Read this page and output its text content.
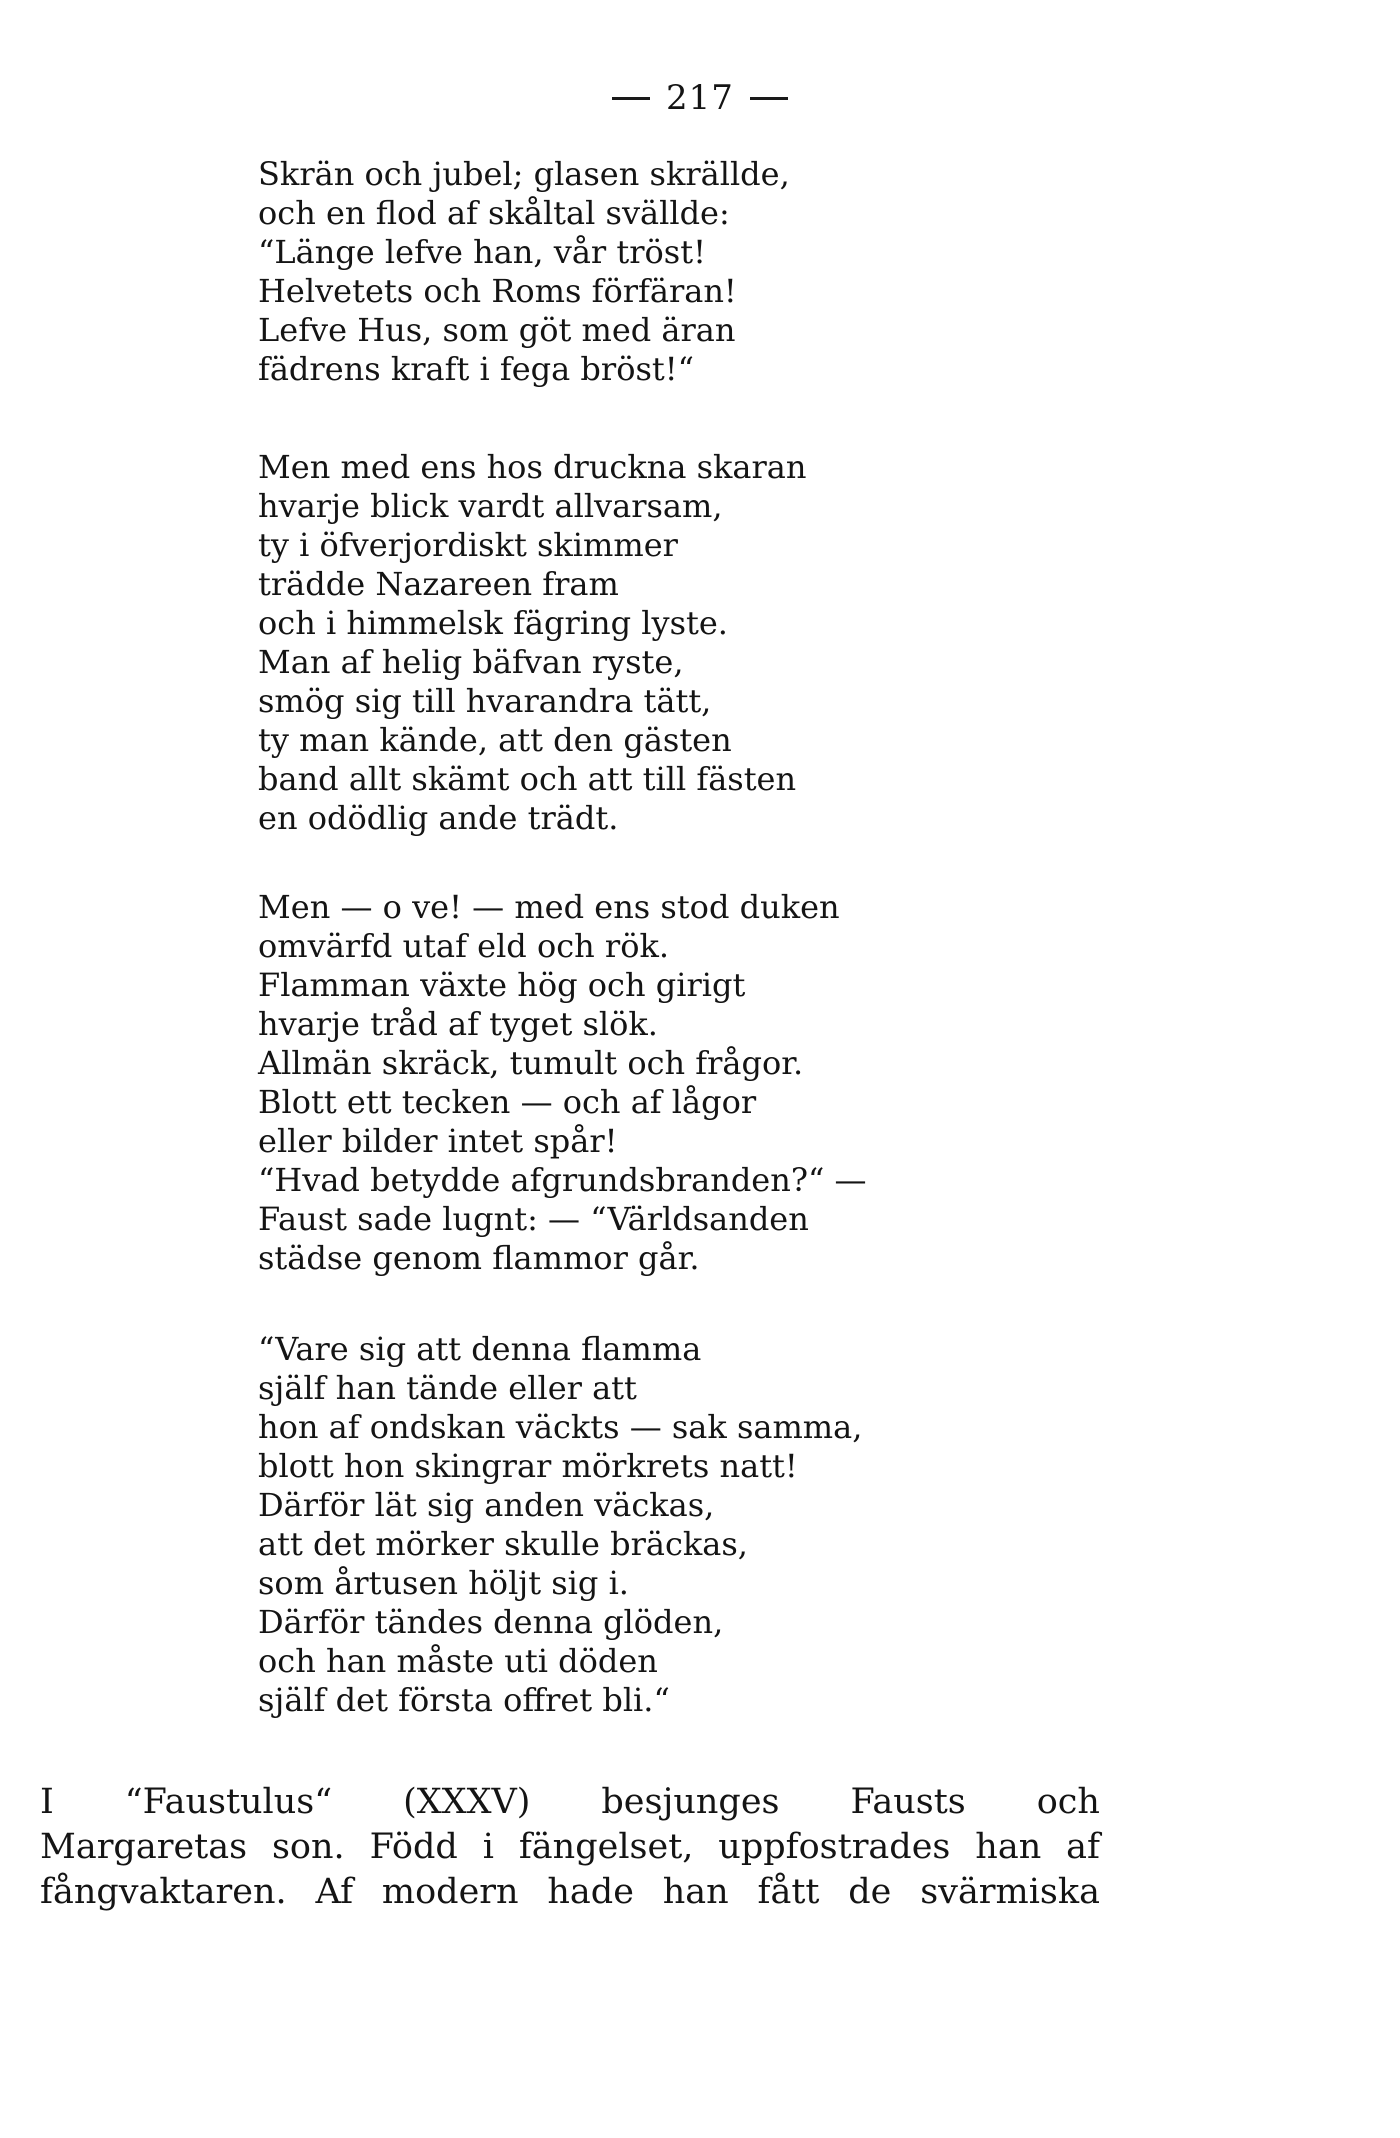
217
Skrän och jubel; glasen skrällde,
och en flod af skåltal svällde:
“Länge lefve han, vår tröst!
Helvetets och Roms förfäran!
Lefve Hus, som göt med äran
fädrens kraft i fega bröst!“
Men med ens hos druckna skaran
hvarje blick vardt allvarsam,
ty i öfverjordiskt skimmer
trädde Nazareen fram
och i himmelsk fägring lyste.
Man af helig bäfvan ryste,
smög sig till hvarandra tätt,
ty man kände, att den gästen
band allt skämt och att till fästen
en odödlig ande trädt.
Men — o ve! — med ens stod duken
omvärfd utaf eld och rök.
Flamman växte hög och girigt
hvarje tråd af tyget slök.
Allmän skräck, tumult och frågor.
Blott ett tecken — och af lågor
eller bilder intet spår!
“Hvad betydde afgrundsbranden?“ —
Faust sade lugnt: — “Världsanden
städse genom flammor går.
“Vare sig att denna flamma
själf han tände eller att
hon af ondskan väckts — sak samma,
blott hon skingrar mörkrets natt!
Därför lät sig anden väckas,
att det mörker skulle bräckas,
som årtusen höljt sig i.
Därför tändes denna glöden,
och han måste uti döden
själf det första offret bli.“
I “Faustulus“ (XXXV) besjunges Fausts och
Margaretas son. Född i fängelset, uppfostrades han af
fångvaktaren. Af modern hade han fått de svärmiska
